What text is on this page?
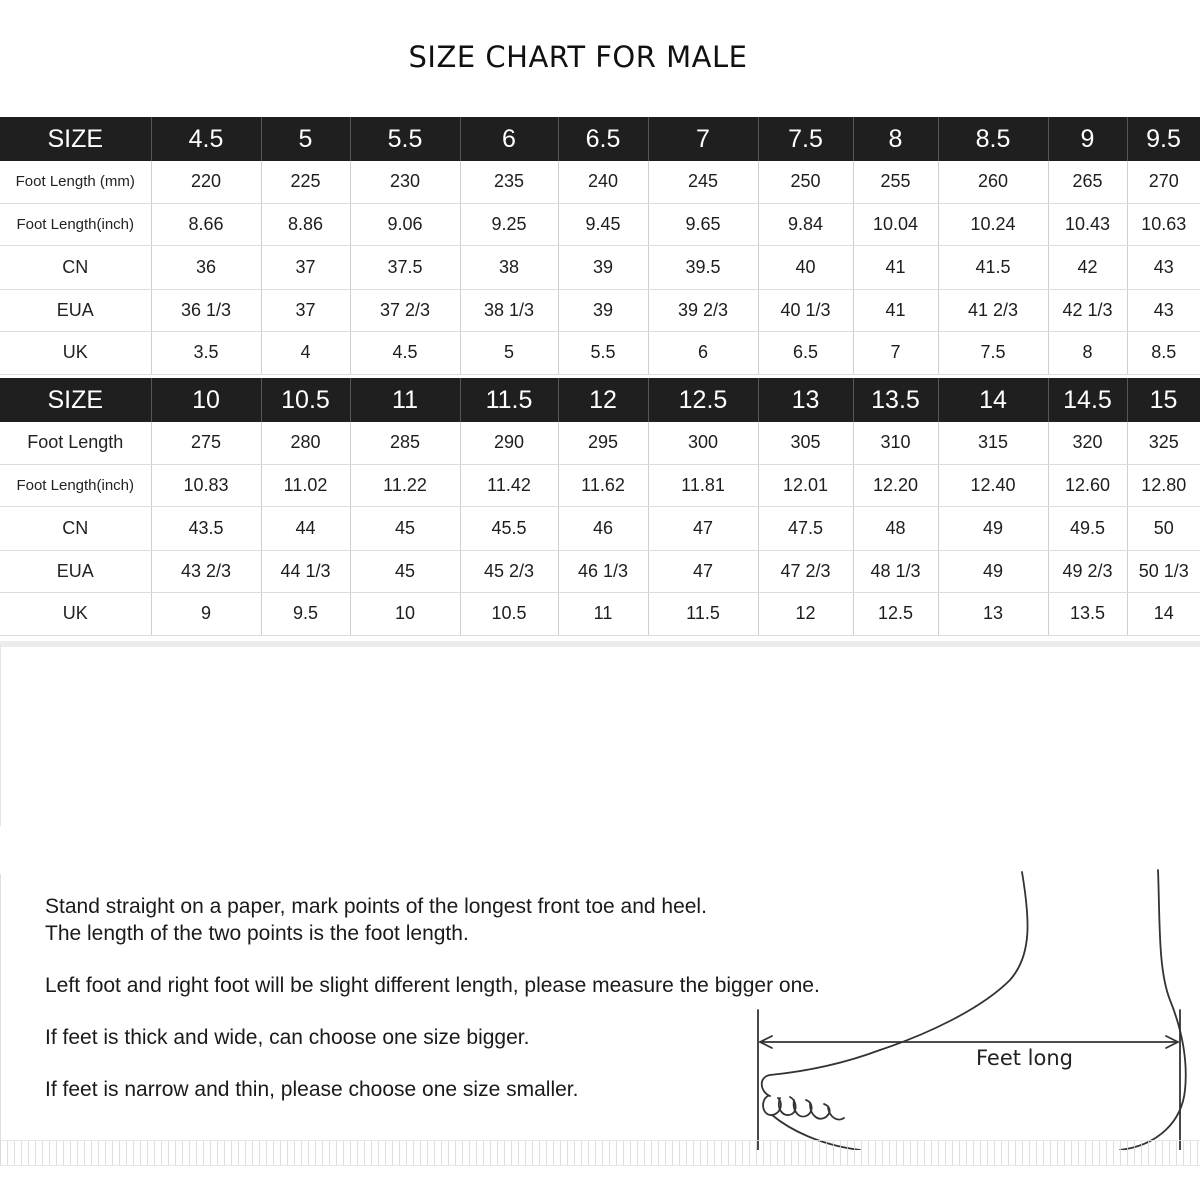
SIZE CHART FOR MALE
SIZE	4.5	5	5.5	6	6.5	7	7.5	8	8.5	9	9.5
Foot Length (mm)	220	225	230	235	240	245	250	255	260	265	270
Foot Length(inch)	8.66	8.86	9.06	9.25	9.45	9.65	9.84	10.04	10.24	10.43	10.63
CN	36	37	37.5	38	39	39.5	40	41	41.5	42	43
EUA	36 1/3	37	37 2/3	38 1/3	39	39 2/3	40 1/3	41	41 2/3	42 1/3	43
UK	3.5	4	4.5	5	5.5	6	6.5	7	7.5	8	8.5
SIZE	10	10.5	11	11.5	12	12.5	13	13.5	14	14.5	15
Foot Length	275	280	285	290	295	300	305	310	315	320	325
Foot Length(inch)	10.83	11.02	11.22	11.42	11.62	11.81	12.01	12.20	12.40	12.60	12.80
CN	43.5	44	45	45.5	46	47	47.5	48	49	49.5	50
EUA	43 2/3	44 1/3	45	45 2/3	46 1/3	47	47 2/3	48 1/3	49	49 2/3	50 1/3
UK	9	9.5	10	10.5	11	11.5	12	12.5	13	13.5	14

Stand straight on a paper, mark points of the longest front toe and heel.

The length of the two points is the foot length.

Left foot and right foot will be slight different length, please measure the bigger one.

If feet is thick and wide, can choose one size bigger.

If feet is narrow and thin, please choose one size smaller.

Feet long
